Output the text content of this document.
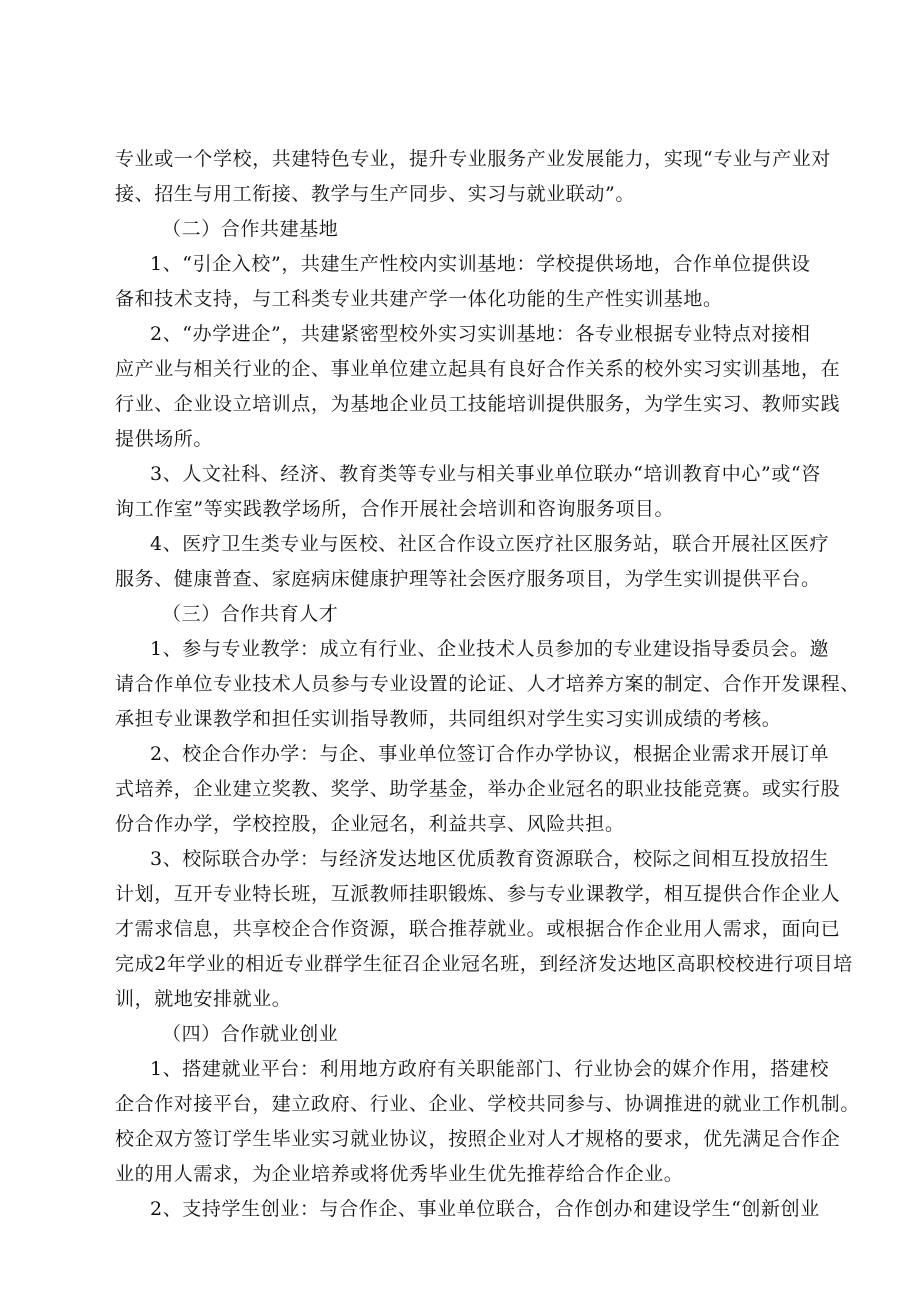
专业或一个学校，共建特色专业，提升专业服务产业发展能力，实现“专业与产业对

接、招生与用工衔接、教学与生产同步、实习与就业联动”。

（二）合作共建基地

1、“引企入校”，共建生产性校内实训基地：学校提供场地，合作单位提供设

备和技术支持，与工科类专业共建产学一体化功能的生产性实训基地。

2、“办学进企”，共建紧密型校外实习实训基地：各专业根据专业特点对接相

应产业与相关行业的企、事业单位建立起具有良好合作关系的校外实习实训基地，在

行业、企业设立培训点，为基地企业员工技能培训提供服务，为学生实习、教师实践

提供场所。

3、人文社科、经济、教育类等专业与相关事业单位联办“培训教育中心”或“咨

询工作室”等实践教学场所，合作开展社会培训和咨询服务项目。

4、医疗卫生类专业与医校、社区合作设立医疗社区服务站，联合开展社区医疗

服务、健康普查、家庭病床健康护理等社会医疗服务项目，为学生实训提供平台。

（三）合作共育人才

1、参与专业教学：成立有行业、企业技术人员参加的专业建设指导委员会。邀

请合作单位专业技术人员参与专业设置的论证、人才培养方案的制定、合作开发课程、

承担专业课教学和担任实训指导教师，共同组织对学生实习实训成绩的考核。

2、校企合作办学：与企、事业单位签订合作办学协议，根据企业需求开展订单

式培养，企业建立奖教、奖学、助学基金，举办企业冠名的职业技能竞赛。或实行股

份合作办学，学校控股，企业冠名，利益共享、风险共担。

3、校际联合办学：与经济发达地区优质教育资源联合，校际之间相互投放招生

计划，互开专业特长班，互派教师挂职锻炼、参与专业课教学，相互提供合作企业人

才需求信息，共享校企合作资源，联合推荐就业。或根据合作企业用人需求，面向已

完成2年学业的相近专业群学生征召企业冠名班，到经济发达地区高职校校进行项目培

训，就地安排就业。

（四）合作就业创业

1、搭建就业平台：利用地方政府有关职能部门、行业协会的媒介作用，搭建校

企合作对接平台，建立政府、行业、企业、学校共同参与、协调推进的就业工作机制。

校企双方签订学生毕业实习就业协议，按照企业对人才规格的要求，优先满足合作企

业的用人需求，为企业培养或将优秀毕业生优先推荐给合作企业。

2、支持学生创业：与合作企、事业单位联合，合作创办和建设学生“创新创业
